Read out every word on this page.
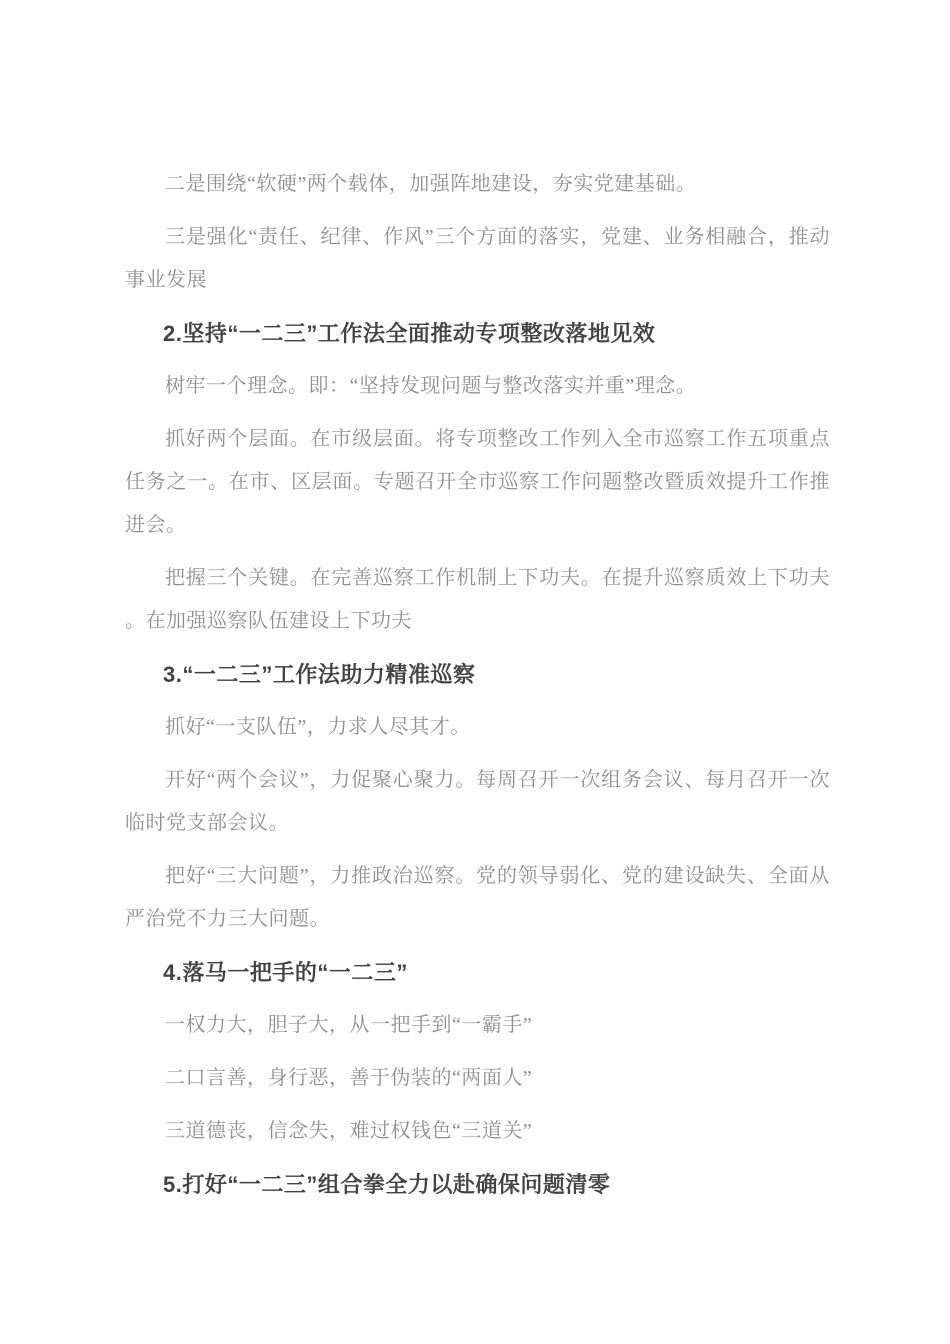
二是围绕“软硬”两个载体，加强阵地建设，夯实党建基础。

三是强化“责任、纪律、作风”三个方面的落实，党建、业务相融合，推动事业发展

2.坚持“一二三”工作法全面推动专项整改落地见效

树牢一个理念。即：“坚持发现问题与整改落实并重”理念。

抓好两个层面。在市级层面。将专项整改工作列入全市巡察工作五项重点任务之一。在市、区层面。专题召开全市巡察工作问题整改暨质效提升工作推进会。

把握三个关键。在完善巡察工作机制上下功夫。在提升巡察质效上下功夫。在加强巡察队伍建设上下功夫

3.“一二三”工作法助力精准巡察

抓好“一支队伍”，力求人尽其才。

开好“两个会议”，力促聚心聚力。每周召开一次组务会议、每月召开一次临时党支部会议。

把好“三大问题”，力推政治巡察。党的领导弱化、党的建设缺失、全面从严治党不力三大问题。

4.落马一把手的“一二三”

一权力大，胆子大，从一把手到“一霸手”

二口言善，身行恶，善于伪装的“两面人”

三道德丧，信念失，难过权钱色“三道关”

5.打好“一二三”组合拳全力以赴确保问题清零
